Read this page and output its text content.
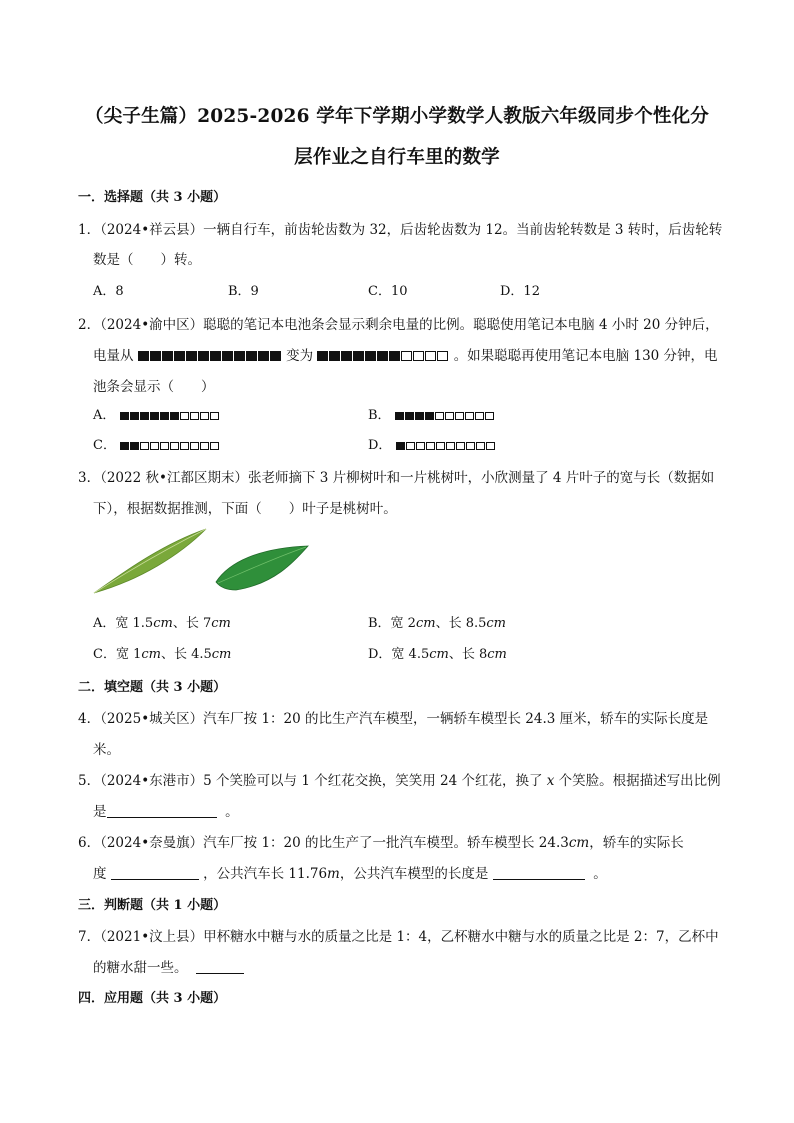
（尖子生篇）2025-2026 学年下学期小学数学人教版六年级同步个性化分
层作业之自行车里的数学
一．选择题（共 3 小题）
1．（2024•祥云县）一辆自行车，前齿轮齿数为 32，后齿轮齿数为 12。当前齿轮转数是 3 转时，后齿轮转
数是（　　）转。
A．8	B．9	C．10	D．12
2．（2024•渝中区）聪聪的笔记本电池条会显示剩余电量的比例。聪聪使用笔记本电脑 4 小时 20 分钟后，
电量从	变为	。如果聪聪再使用笔记本电脑 130 分钟，电
池条会显示（　　）
A．	B．
C．	D．
3．（2022 秋•江都区期末）张老师摘下 3 片柳树叶和一片桃树叶，小欣测量了 4 片叶子的宽与长（数据如
下），根据数据推测，下面（　　）叶子是桃树叶。
A．宽 1.5cm、长 7cm	B．宽 2cm、长 8.5cm
C．宽 1cm、长 4.5cm	D．宽 4.5cm、长 8cm
二．填空题（共 3 小题）
4．（2025•城关区）汽车厂按 1：20 的比生产汽车模型，一辆轿车模型长 24.3 厘米，轿车的实际长度是
米。
5．（2024•东港市）5 个笑脸可以与 1 个红花交换，笑笑用 24 个红花，换了 x 个笑脸。根据描述写出比例
是	。
6．（2024•奈曼旗）汽车厂按 1：20 的比生产了一批汽车模型。轿车模型长 24.3cm，轿车的实际长
度	，公共汽车长 11.76m，公共汽车模型的长度是	。
三．判断题（共 1 小题）
7．（2021•汶上县）甲杯糖水中糖与水的质量之比是 1：4，乙杯糖水中糖与水的质量之比是 2：7，乙杯中
的糖水甜一些。
四．应用题（共 3 小题）
